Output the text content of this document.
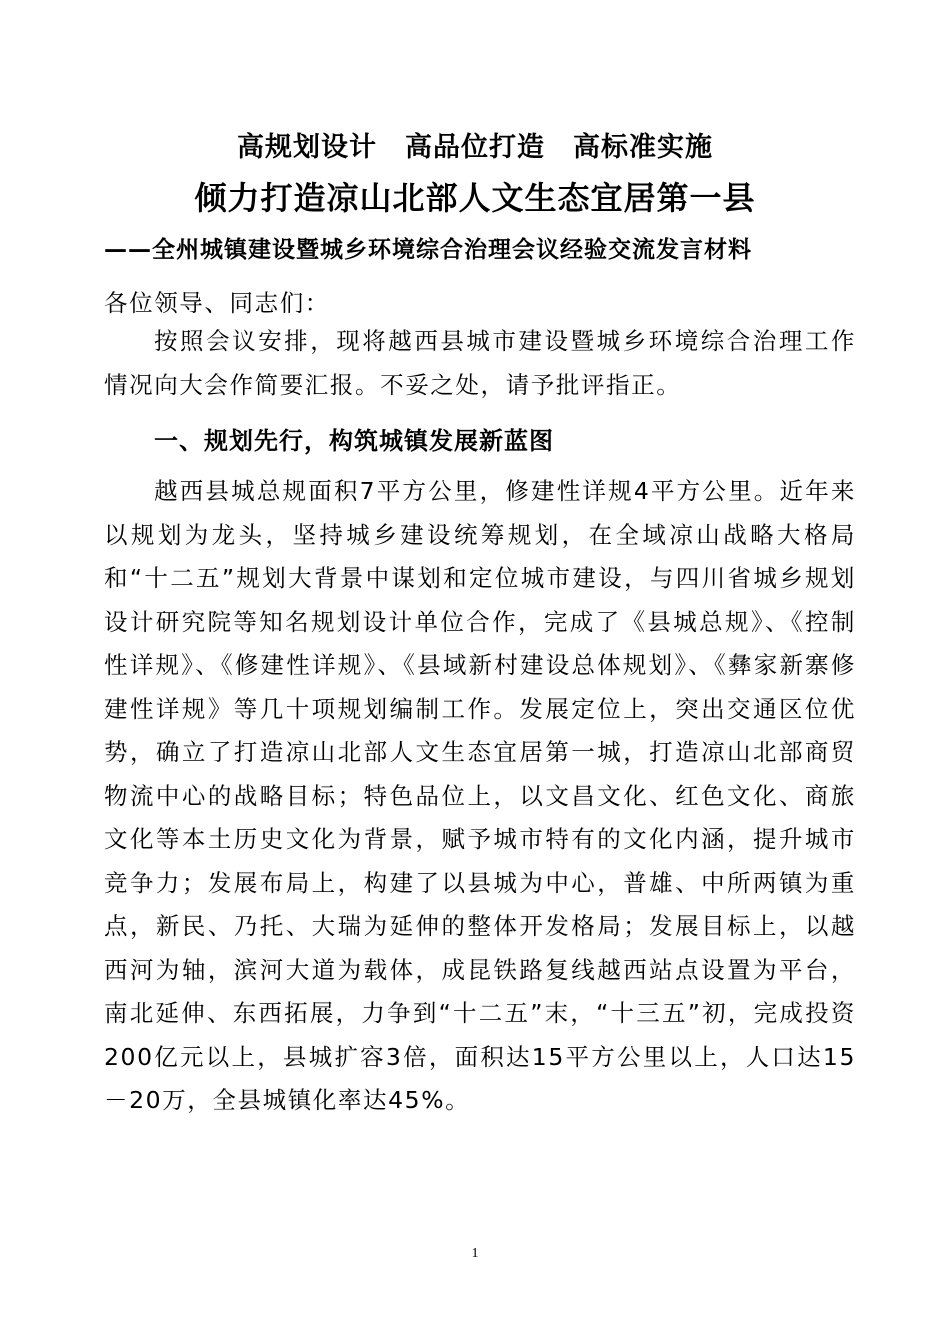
高规划设计　高品位打造　高标准实施
倾力打造凉山北部人文生态宜居第一县
——全州城镇建设暨城乡环境综合治理会议经验交流发言材料
各位领导、同志们：
按照会议安排，现将越西县城市建设暨城乡环境综合治理工作情况向大会作简要汇报。不妥之处，请予批评指正。
一、规划先行，构筑城镇发展新蓝图
越西县城总规面积7平方公里，修建性详规4平方公里。近年来以规划为龙头，坚持城乡建设统筹规划，在全域凉山战略大格局和“十二五”规划大背景中谋划和定位城市建设，与四川省城乡规划设计研究院等知名规划设计单位合作，完成了《县城总规》、《控制性详规》、《修建性详规》、《县域新村建设总体规划》、《彝家新寨修建性详规》等几十项规划编制工作。发展定位上，突出交通区位优势，确立了打造凉山北部人文生态宜居第一城，打造凉山北部商贸物流中心的战略目标；特色品位上，以文昌文化、红色文化、商旅文化等本土历史文化为背景，赋予城市特有的文化内涵，提升城市竞争力；发展布局上，构建了以县城为中心，普雄、中所两镇为重点，新民、乃托、大瑞为延伸的整体开发格局；发展目标上，以越西河为轴，滨河大道为载体，成昆铁路复线越西站点设置为平台，南北延伸、东西拓展，力争到“十二五”末，“十三五”初，完成投资200亿元以上，县城扩容3倍，面积达15平方公里以上，人口达15－20万，全县城镇化率达45%。
1
